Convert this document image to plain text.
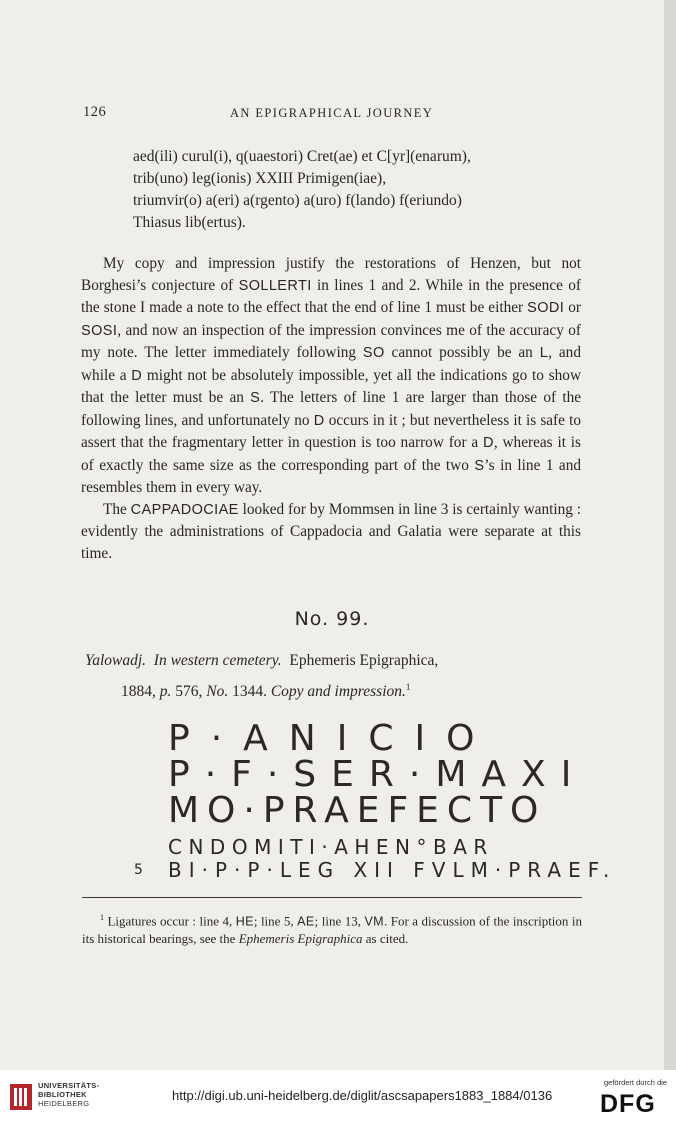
126	AN EPIGRAPHICAL JOURNEY
aed(ili) curul(i), q(uaestori) Cret(ae) et C[yr](enarum),
trib(uno) leg(ionis) XXIII Primigen(iae),
triumvir(o) a(eri) a(rgento) a(uro) f(lando) f(eriundo)
Thiasus lib(ertus).

My copy and impression justify the restorations of Henzen, but not Borghesi’s conjecture of SOLLERTI in lines 1 and 2. While in the presence of the stone I made a note to the effect that the end of line 1 must be either SODI or SOSI, and now an inspection of the impression convinces me of the accuracy of my note. The letter immediately following SO cannot possibly be an L, and while a D might not be absolutely impossible, yet all the indications go to show that the letter must be an S. The letters of line 1 are larger than those of the following lines, and unfortunately no D occurs in it ; but nevertheless it is safe to assert that the fragmentary letter in question is too narrow for a D, whereas it is of exactly the same size as the corresponding part of the two S’s in line 1 and resembles them in every way.

The CAPPADOCIAE looked for by Mommsen in line 3 is certainly wanting : evidently the administrations of Cappadocia and Galatia were separate at this time.

No. 99.
Yalowadj. In western cemetery. Ephemeris Epigraphica,
1884, p. 576, No. 1344. Copy and impression.$^1$
P·ANICIO
P·F·SER·MAXI
MO·PRAEFECTO
CNDOMITI·AHEN°BAR
5 BI·P·P·LEG XII FVLM·PRAEF.

$^1$ Ligatures occur : line 4, HE; line 5, AE; line 13, VM. For a discussion of the inscription in its historical bearings, see the Ephemeris Epigraphica as cited.

UNIVERSITÄTS-
BIBLIOTHEK
HEIDELBERG
http://digi.ub.uni-heidelberg.de/diglit/ascsapapers1883_1884/0136
gefördert durch die
DFG
